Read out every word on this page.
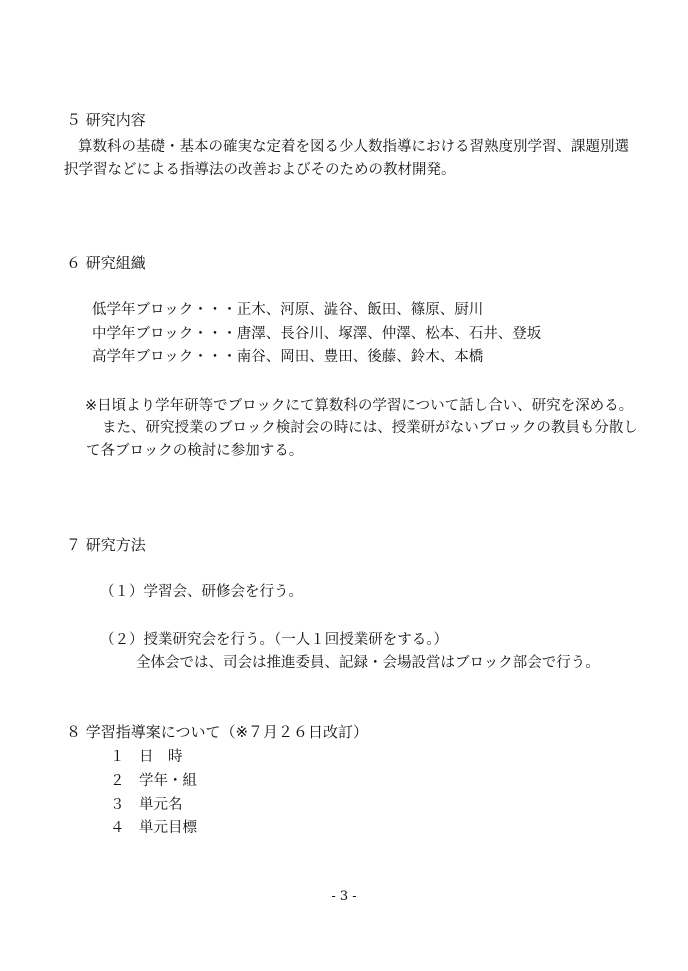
５ 研究内容
算数科の基礎・基本の確実な定着を図る少人数指導における習熟度別学習、課題別選
択学習などによる指導法の改善およびそのための教材開発。
６ 研究組織
低学年ブロック・・・正木、河原、澁谷、飯田、篠原、厨川
中学年ブロック・・・唐澤、長谷川、塚澤、仲澤、松本、石井、登坂
高学年ブロック・・・南谷、岡田、豊田、後藤、鈴木、本橋
※日頃より学年研等でブロックにて算数科の学習について話し合い、研究を深める。
また、研究授業のブロック検討会の時には、授業研がないブロックの教員も分散し
て各ブロックの検討に参加する。
７ 研究方法
（１）学習会、研修会を行う。
（２）授業研究会を行う。（一人１回授業研をする。）
全体会では、司会は推進委員、記録・会場設営はブロック部会で行う。
８ 学習指導案について（※７月２６日改訂）
１　日　時
２　学年・組
３　単元名
４　単元目標
- 3 -
